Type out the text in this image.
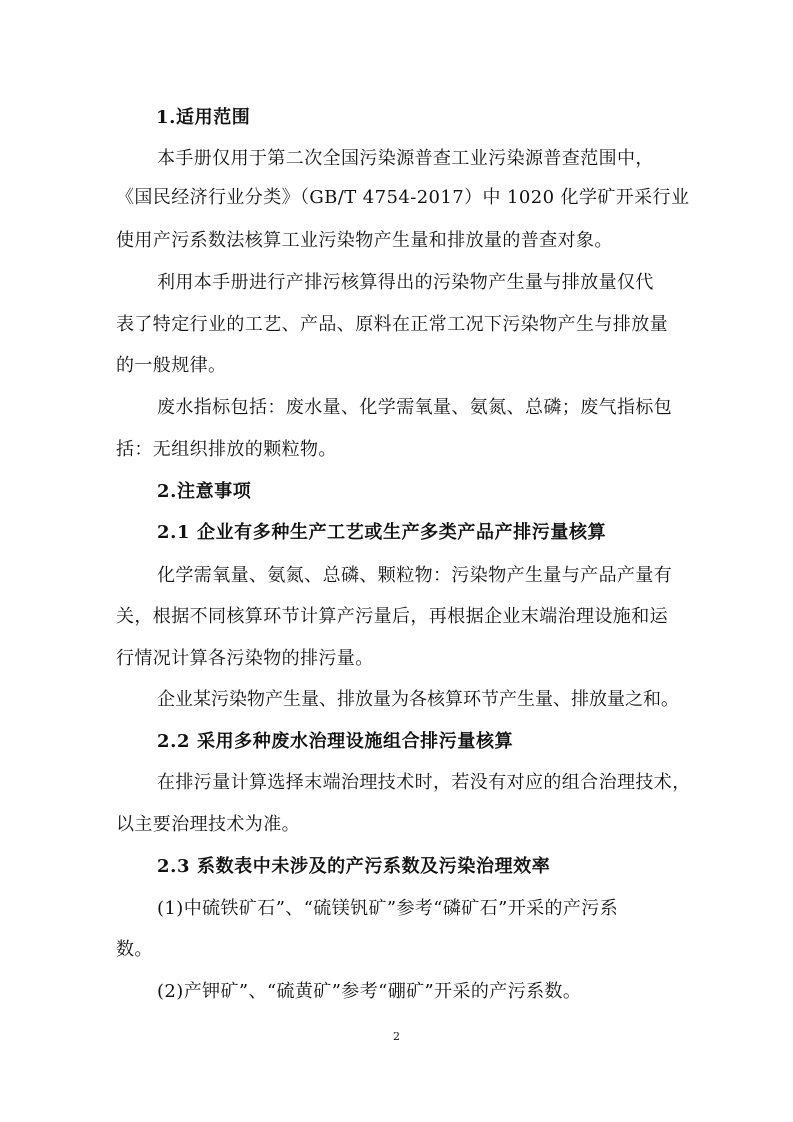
1.适用范围
本手册仅用于第二次全国污染源普查工业污染源普查范围中，
《国民经济行业分类》（GB/T 4754-2017）中 1020 化学矿开采行业
使用产污系数法核算工业污染物产生量和排放量的普查对象。
利用本手册进行产排污核算得出的污染物产生量与排放量仅代
表了特定行业的工艺、产品、原料在正常工况下污染物产生与排放量
的一般规律。
废水指标包括：废水量、化学需氧量、氨氮、总磷；废气指标包
括：无组织排放的颗粒物。
2.注意事项
2.1 企业有多种生产工艺或生产多类产品产排污量核算
化学需氧量、氨氮、总磷、颗粒物：污染物产生量与产品产量有
关，根据不同核算环节计算产污量后，再根据企业末端治理设施和运
行情况计算各污染物的排污量。
企业某污染物产生量、排放量为各核算环节产生量、排放量之和。
2.2 采用多种废水治理设施组合排污量核算
在排污量计算选择末端治理技术时，若没有对应的组合治理技术，
以主要治理技术为准。
2.3 系数表中未涉及的产污系数及污染治理效率
(1)中硫铁矿石”、“硫镁钒矿”参考“磷矿石”开采的产污系
数。
(2)产钾矿”、“硫黄矿”参考“硼矿”开采的产污系数。
2
